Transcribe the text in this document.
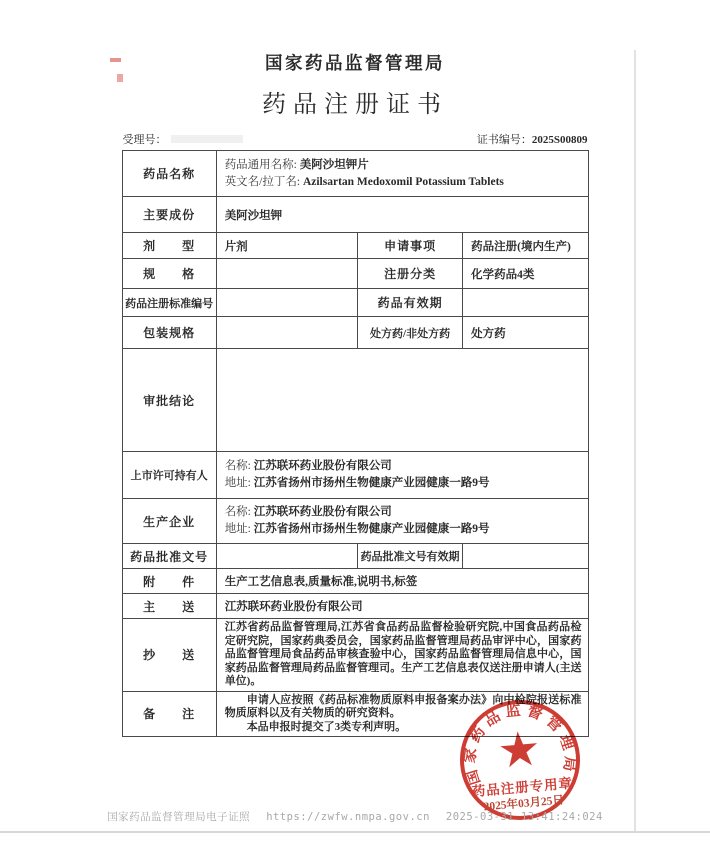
国家药品监督管理局
药品注册证书
受理号：	证书编号：2025S00809
药品名称	药品通用名称: 美阿沙坦钾片
英文名/拉丁名: Azilsartan Medoxomil Potassium Tablets		

主要成份	美阿沙坦钾		
剂　　型	片剂	申请事项	药品注册(境内生产)
规　　格		注册分类	化学药品4类
药品注册标准编号		药品有效期	
包装规格		处方药/非处方药	处方药
审批结论			
上市许可持有人	名称: 江苏联环药业股份有限公司
地址: 江苏省扬州市扬州生物健康产业园健康一路9号		

生产企业	名称: 江苏联环药业股份有限公司
地址: 江苏省扬州市扬州生物健康产业园健康一路9号		

药品批准文号		药品批准文号有效期	
附　　件	生产工艺信息表,质量标准,说明书,标签		
主　　送	江苏联环药业股份有限公司		
抄　　送	江苏省药品监督管理局,江苏省食品药品监督检验研究院,中国食品药品检定研究院，国家药典委员会，国家药品监督管理局药品审评中心，国家药品监督管理局食品药品审核查验中心，国家药品监督管理局信息中心，国家药品监督管理局药品监督管理司。生产工艺信息表仅送注册申请人(主送单位)。		
备　　注	申请人应按照《药品标准物质原料申报备案办法》向中检院报送标准物质原料以及有关物质的研究资料。

本品申报时提交了3类专利声明。		

国家药品监督管理局
★
药品注册专用章
2025年03月25日
国家药品监督管理局电子证照 https://zwfw.nmpa.gov.cn 2025-03-31 13:41:24:024
